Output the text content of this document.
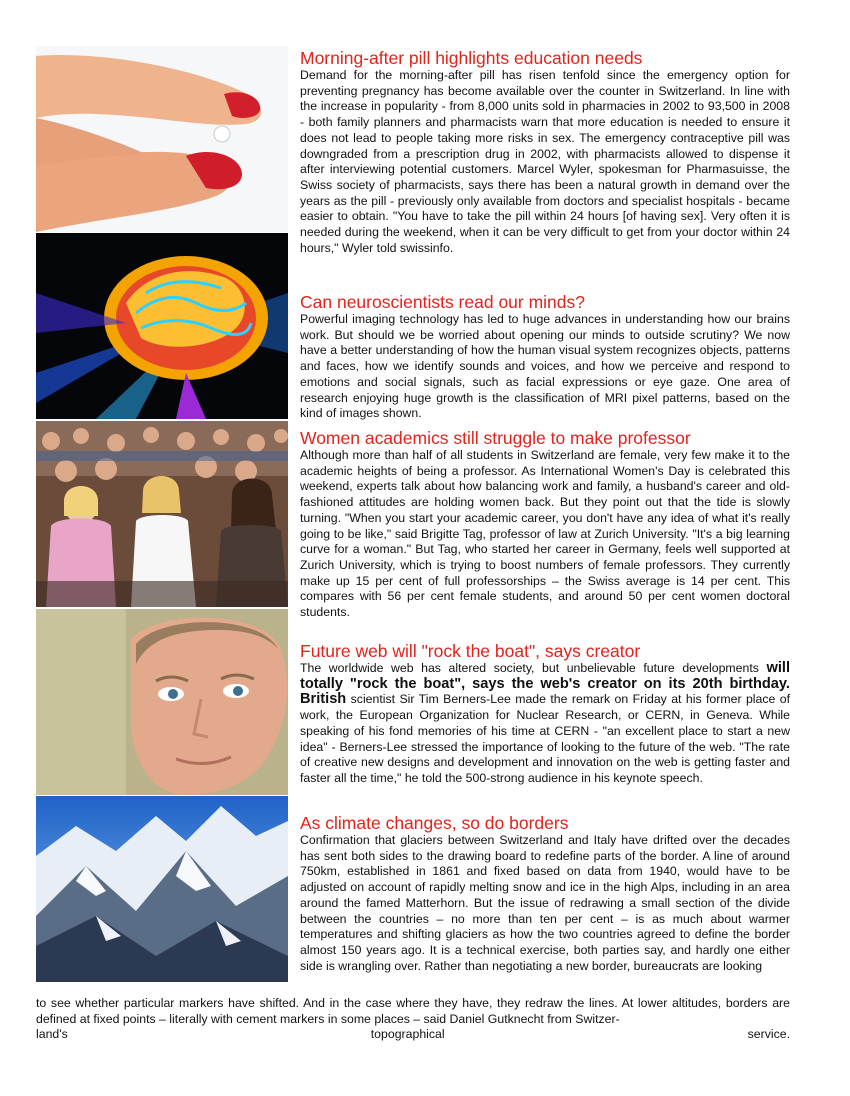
Morning-after pill highlights education needs

Demand for the morning-after pill has risen tenfold since the emergency option for preventing pregnancy has become available over the counter in Switzerland. In line with the increase in popularity - from 8,000 units sold in pharmacies in 2002 to 93,500 in 2008 - both family planners and pharmacists warn that more education is needed to ensure it does not lead to people taking more risks in sex. The emergency contraceptive pill was downgraded from a prescription drug in 2002, with pharmacists allowed to dispense it after interviewing potential customers. Marcel Wyler, spokesman for Pharmasuisse, the Swiss society of pharmacists, says there has been a natural growth in demand over the years as the pill - previously only available from doctors and specialist hospitals - became easier to obtain. "You have to take the pill within 24 hours [of having sex]. Very often it is needed during the weekend, when it can be very difficult to get from your doctor within 24 hours," Wyler told swissinfo.

Can neuroscientists read our minds?

Powerful imaging technology has led to huge advances in understanding how our brains work. But should we be worried about opening our minds to outside scrutiny? We now have a better understanding of how the human visual system recognizes objects, patterns and faces, how we identify sounds and voices, and how we perceive and respond to emotions and social signals, such as facial expressions or eye gaze. One area of research enjoying huge growth is the classification of MRI pixel patterns, based on the kind of images shown.

Women academics still struggle to make professor

Although more than half of all students in Switzerland are female, very few make it to the academic heights of being a professor. As International Women's Day is celebrated this weekend, experts talk about how balancing work and family, a husband's career and old-fashioned attitudes are holding women back. But they point out that the tide is slowly turning. "When you start your academic career, you don't have any idea of what it's really going to be like," said Brigitte Tag, professor of law at Zurich University. "It's a big learning curve for a woman." But Tag, who started her career in Germany, feels well supported at Zurich University, which is trying to boost numbers of female professors. They currently make up 15 per cent of full professorships – the Swiss average is 14 per cent. This compares with 56 per cent female students, and around 50 per cent women doctoral students.

Future web will "rock the boat", says creator

The worldwide web has altered society, but unbelievable future developments will totally "rock the boat", says the web's creator on its 20th birthday. British scientist Sir Tim Berners-Lee made the remark on Friday at his former place of work, the European Organization for Nuclear Research, or CERN, in Geneva. While speaking of his fond memories of his time at CERN - "an excellent place to start a new idea" - Berners-Lee stressed the importance of looking to the future of the web. "The rate of creative new designs and development and innovation on the web is getting faster and faster all the time," he told the 500-strong audience in his keynote speech.

As climate changes, so do borders

Confirmation that glaciers between Switzerland and Italy have drifted over the decades has sent both sides to the drawing board to redefine parts of the border. A line of around 750km, established in 1861 and fixed based on data from 1940, would have to be adjusted on account of rapidly melting snow and ice in the high Alps, including in an area around the famed Matterhorn. But the issue of redrawing a small section of the divide between the countries – no more than ten per cent – is as much about warmer temperatures and shifting glaciers as how the two countries agreed to define the border almost 150 years ago. It is a technical exercise, both parties say, and hardly one either side is wrangling over. Rather than negotiating a new border, bureaucrats are looking

to see whether particular markers have shifted. And in the case where they have, they redraw the lines. At lower altitudes, borders are defined at fixed points – literally with cement markers in some places – said Daniel Gutknecht from Switzer-
land's topographical service.
